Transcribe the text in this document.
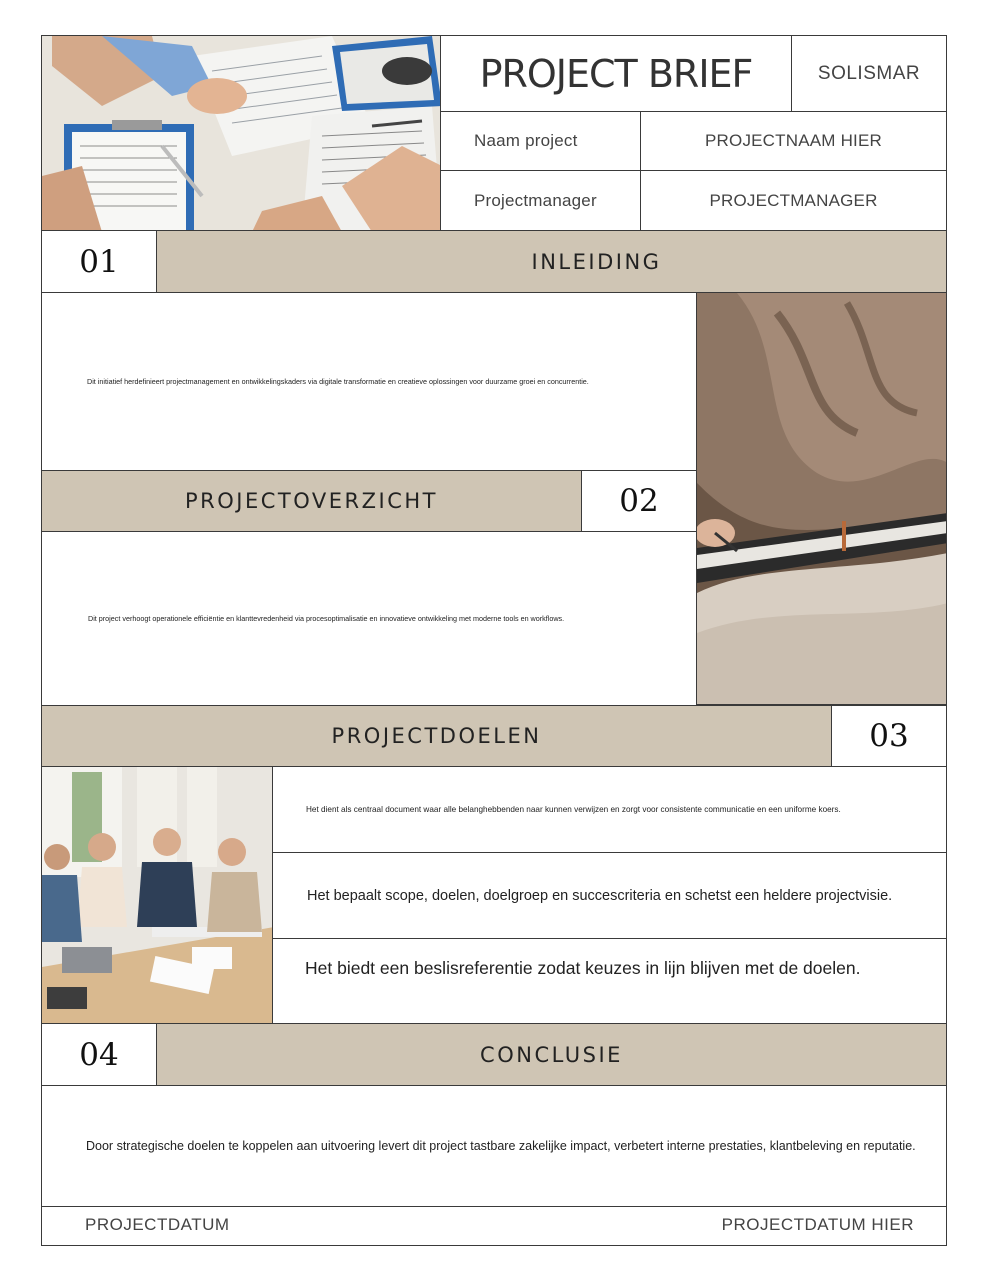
PROJECT BRIEF	SOLISMAR
Naam project	PROJECTNAAM HIER
Projectmanager	PROJECTMANAGER
01	INLEIDING
Dit initiatief herdefinieert projectmanagement en ontwikkelingskaders via digitale transformatie en creatieve oplossingen voor duurzame groei en concurrentie.
PROJECTOVERZICHT	02
Dit project verhoogt operationele efficiëntie en klanttevredenheid via procesoptimalisatie en innovatieve ontwikkeling met moderne tools en workflows.
PROJECTDOELEN	03
Het dient als centraal document waar alle belanghebbenden naar kunnen verwijzen en zorgt voor consistente communicatie en een uniforme koers.
Het bepaalt scope, doelen, doelgroep en succescriteria en schetst een heldere projectvisie.
Het biedt een beslisreferentie zodat keuzes in lijn blijven met de doelen.
04	CONCLUSIE
Door strategische doelen te koppelen aan uitvoering levert dit project tastbare zakelijke impact, verbetert interne prestaties, klantbeleving en reputatie.
PROJECTDATUM	PROJECTDATUM HIER
